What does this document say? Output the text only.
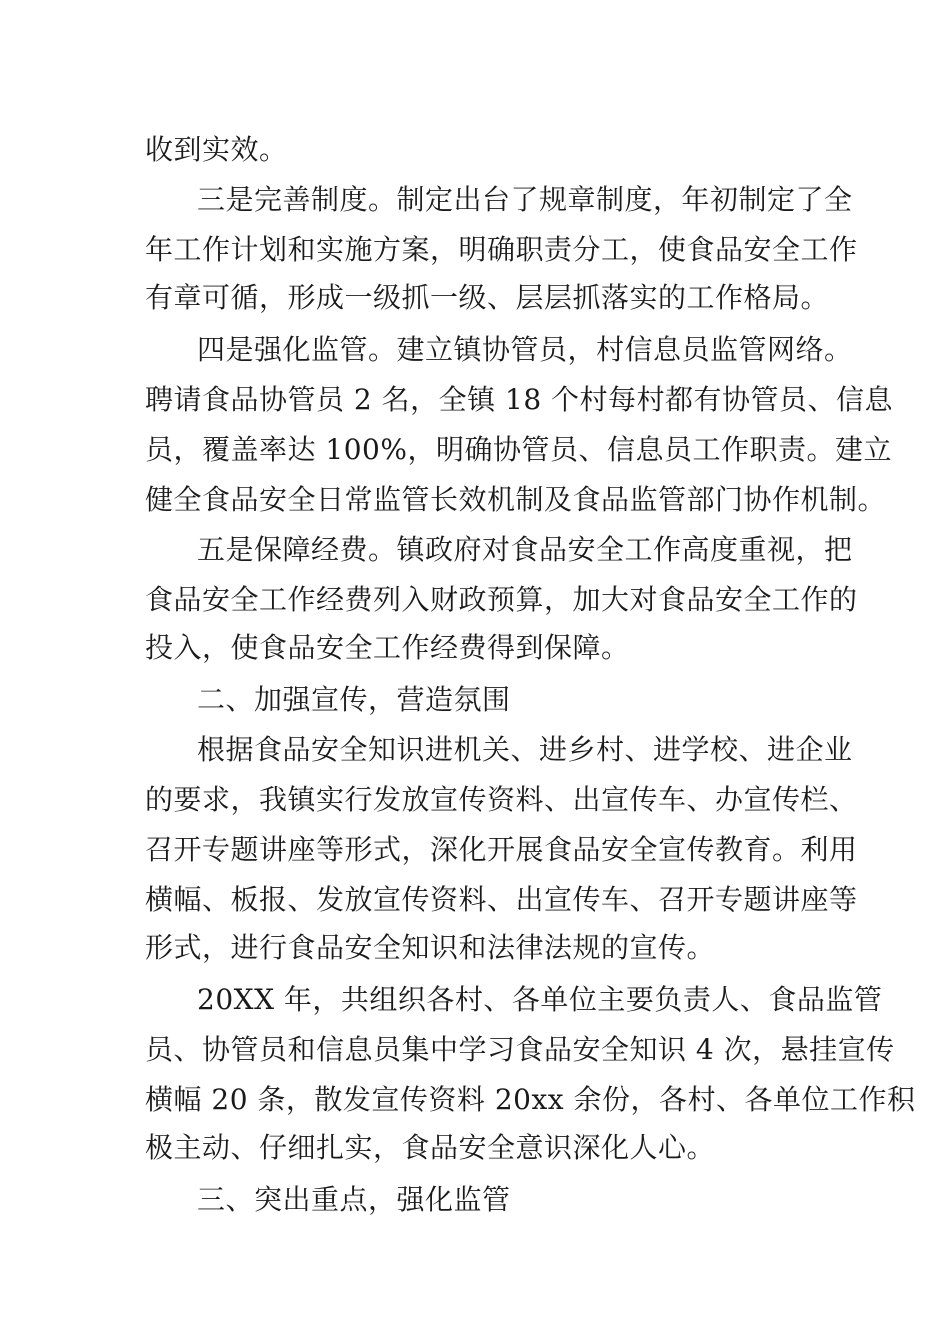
收到实效。
三是完善制度。制定出台了规章制度，年初制定了全
年工作计划和实施方案，明确职责分工，使食品安全工作
有章可循，形成一级抓一级、层层抓落实的工作格局。
四是强化监管。建立镇协管员，村信息员监管网络。
聘请食品协管员 2 名，全镇 18 个村每村都有协管员、信息
员，覆盖率达 100%，明确协管员、信息员工作职责。建立
健全食品安全日常监管长效机制及食品监管部门协作机制。
五是保障经费。镇政府对食品安全工作高度重视，把
食品安全工作经费列入财政预算，加大对食品安全工作的
投入，使食品安全工作经费得到保障。
二、加强宣传，营造氛围
根据食品安全知识进机关、进乡村、进学校、进企业
的要求，我镇实行发放宣传资料、出宣传车、办宣传栏、
召开专题讲座等形式，深化开展食品安全宣传教育。利用
横幅、板报、发放宣传资料、出宣传车、召开专题讲座等
形式，进行食品安全知识和法律法规的宣传。
20XX 年，共组织各村、各单位主要负责人、食品监管
员、协管员和信息员集中学习食品安全知识 4 次，悬挂宣传
横幅 20 条，散发宣传资料 20xx 余份，各村、各单位工作积
极主动、仔细扎实，食品安全意识深化人心。
三、突出重点，强化监管
